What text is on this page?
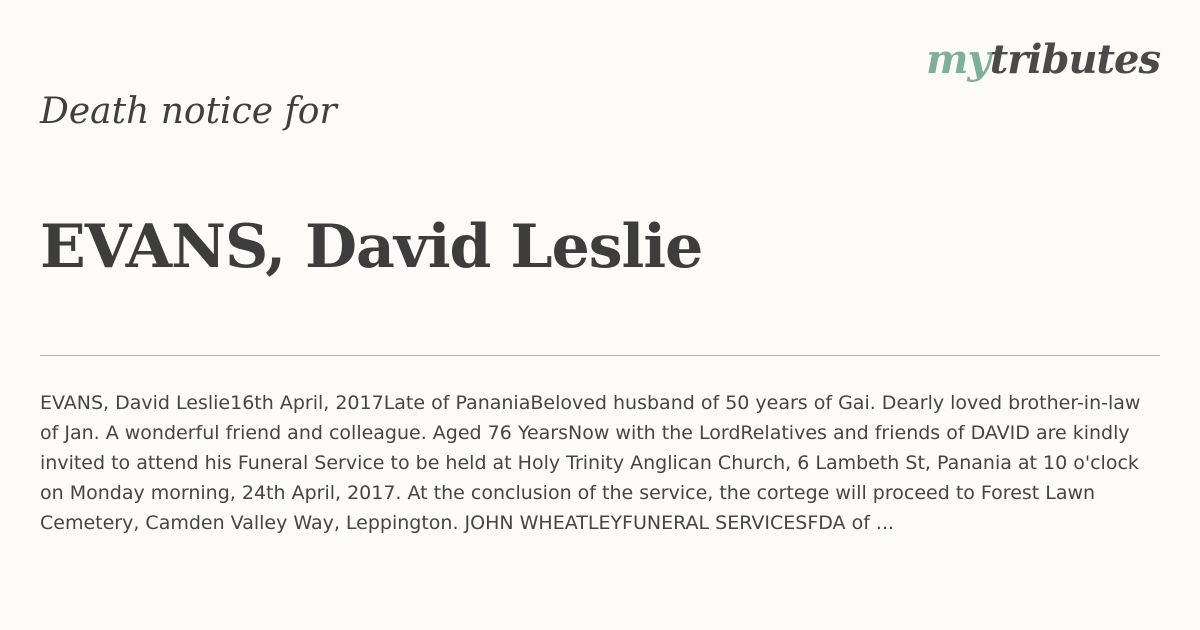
mytributes
Death notice for
EVANS, David Leslie

EVANS, David Leslie16th April, 2017Late of PananiaBeloved husband of 50 years of Gai. Dearly loved brother-in-law of Jan. A wonderful friend and colleague. Aged 76 YearsNow with the LordRelatives and friends of DAVID are kindly invited to attend his Funeral Service to be held at Holy Trinity Anglican Church, 6 Lambeth St, Panania at 10 o'clock on Monday morning, 24th April, 2017. At the conclusion of the service, the cortege will proceed to Forest Lawn Cemetery, Camden Valley Way, Leppington. JOHN WHEATLEYFUNERAL SERVICESFDA of ...
